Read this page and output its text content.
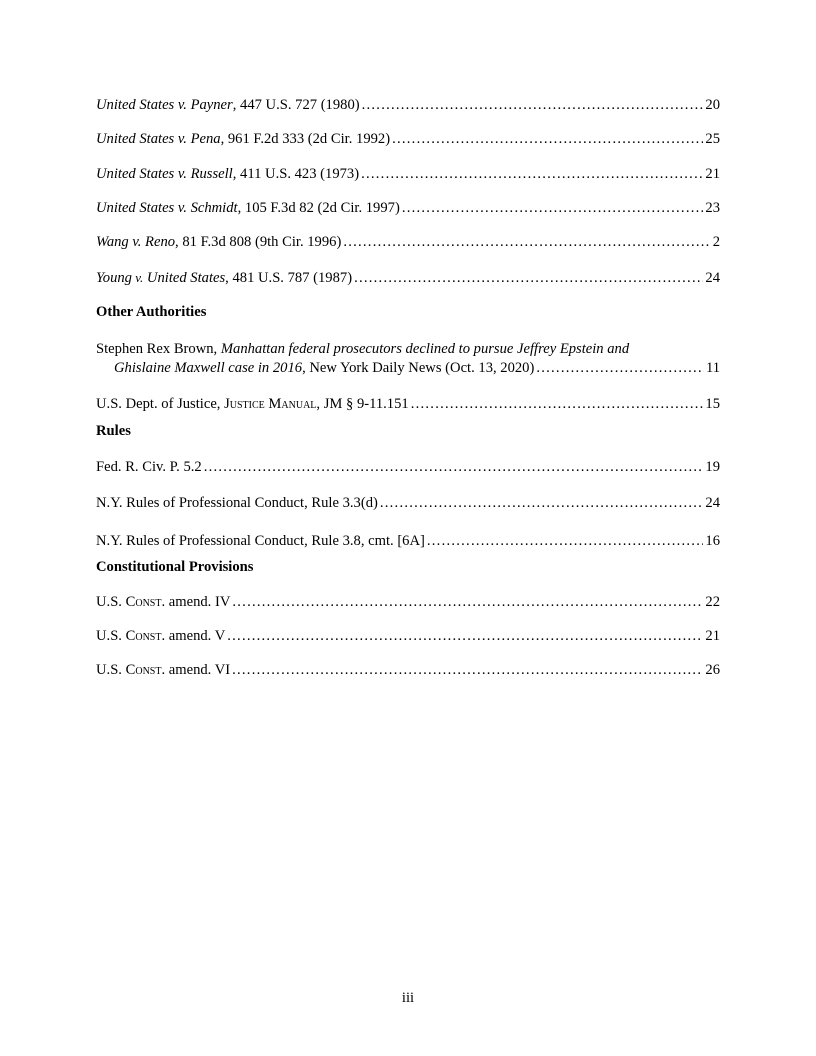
United States v. Payner, 447 U.S. 727 (1980) . . .	20
United States v. Pena, 961 F.2d 333 (2d Cir. 1992) . . .	25
United States v. Russell, 411 U.S. 423 (1973) . . .	21
United States v. Schmidt, 105 F.3d 82 (2d Cir. 1997) . . .	23
Wang v. Reno, 81 F.3d 808 (9th Cir. 1996) . . .	2
Young v. United States, 481 U.S. 787 (1987) . . .	24
Other Authorities
Stephen Rex Brown, Manhattan federal prosecutors declined to pursue Jeffrey Epstein and
Ghislaine Maxwell case in 2016, New York Daily News (Oct. 13, 2020) . . .	11
U.S. Dept. of Justice, Justice Manual, JM § 9-11.151 . . .	15
Rules
Fed. R. Civ. P. 5.2 . . .	19
N.Y. Rules of Professional Conduct, Rule 3.3(d) . . .	24
N.Y. Rules of Professional Conduct, Rule 3.8, cmt. [6A] . . .	16
Constitutional Provisions
U.S. Const. amend. IV . . .	22
U.S. Const. amend. V . . .	21
U.S. Const. amend. VI . . .	26
iii
